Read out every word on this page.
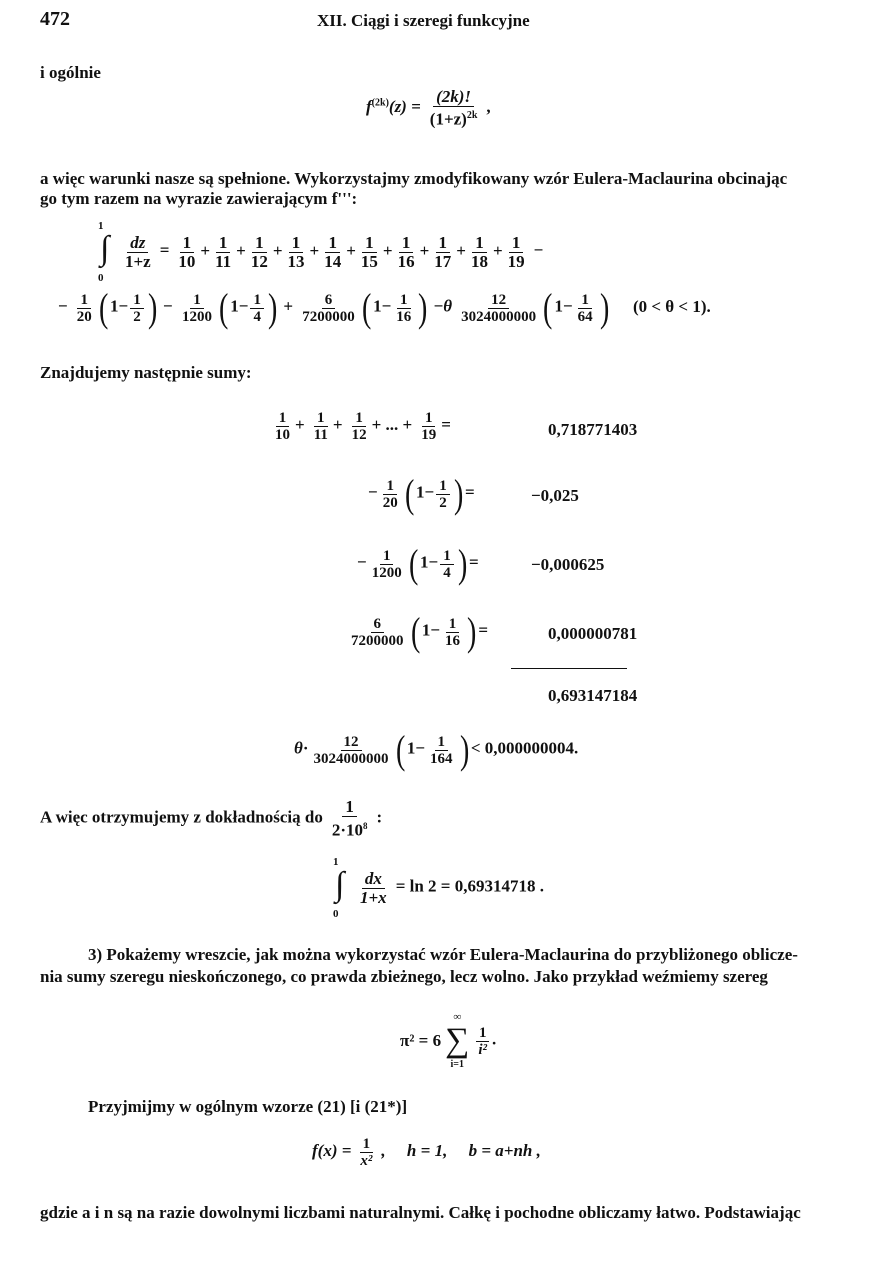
472	XII. Ciągi i szeregi funkcyjne
i ogólnie
$f^{(2k)}(z) = \frac{(2k)!}{(1+z)^{2k}}$ ,
a więc warunki nasze są spełnione. Wykorzystajmy zmodyfikowany wzór Eulera-Maclaurina obcinając
go tym razem na wyrazie zawierającym f''':
∫
1
0

$\frac{dz}{1+z} = \frac{1}{10} + \frac{1}{11} + \frac{1}{12} + \frac{1}{13} + \frac{1}{14} + \frac{1}{15} + \frac{1}{16} + \frac{1}{17} + \frac{1}{18} + \frac{1}{19}$ −
− $\frac{1}{20}$ ( $1- \frac{1}{2}$ ) − $\frac{1}{1200}$ ( $1- \frac{1}{4}$ ) + $\frac{6}{7200000}$ ( $1- \frac{1}{16}$ ) $-\theta \frac{12}{3024000000}$ ( $1- \frac{1}{64}$ ) (0 < θ < 1).
Znajdujemy następnie sumy:
$\frac{1}{10} + \frac{1}{11} + \frac{1}{12}$ + ... + $\frac{1}{19}$ =	0,718771403
− $\frac{1}{20}$ ( $1- \frac{1}{2}$ ) =	−0,025
− $\frac{1}{1200}$ ( $1- \frac{1}{4}$ ) =	−0,000625
$\frac{6}{7200000}$ ( $1- \frac{1}{16}$ ) =	0,000000781
0,693147184
$\theta\cdot \frac{12}{3024000000}$ ( $1- \frac{1}{164}$ ) < 0,000000004.
A więc otrzymujemy z dokładnością do $\frac{1}{2\cdot 10^8}$ :
∫
1
0

$\frac{dx}{1+x} = \ln 2 = 0,69314718$ .
3) Pokażemy wreszcie, jak można wykorzystać wzór Eulera-Maclaurina do przybliżonego oblicze-
nia sumy szeregu nieskończonego, co prawda zbieżnego, lecz wolno. Jako przykład weźmiemy szereg
π² = 6
∞
∑
i=1

$\frac{1}{\text{i²}}$ .
Przyjmijmy w ogólnym wzorze (21) [i (21*)]
$f(x) = \frac{1}{\text{x²}}$ ,     h = 1,     b = a+nh ,
gdzie a i n są na razie dowolnymi liczbami naturalnymi. Całkę i pochodne obliczamy łatwo. Podstawiając
